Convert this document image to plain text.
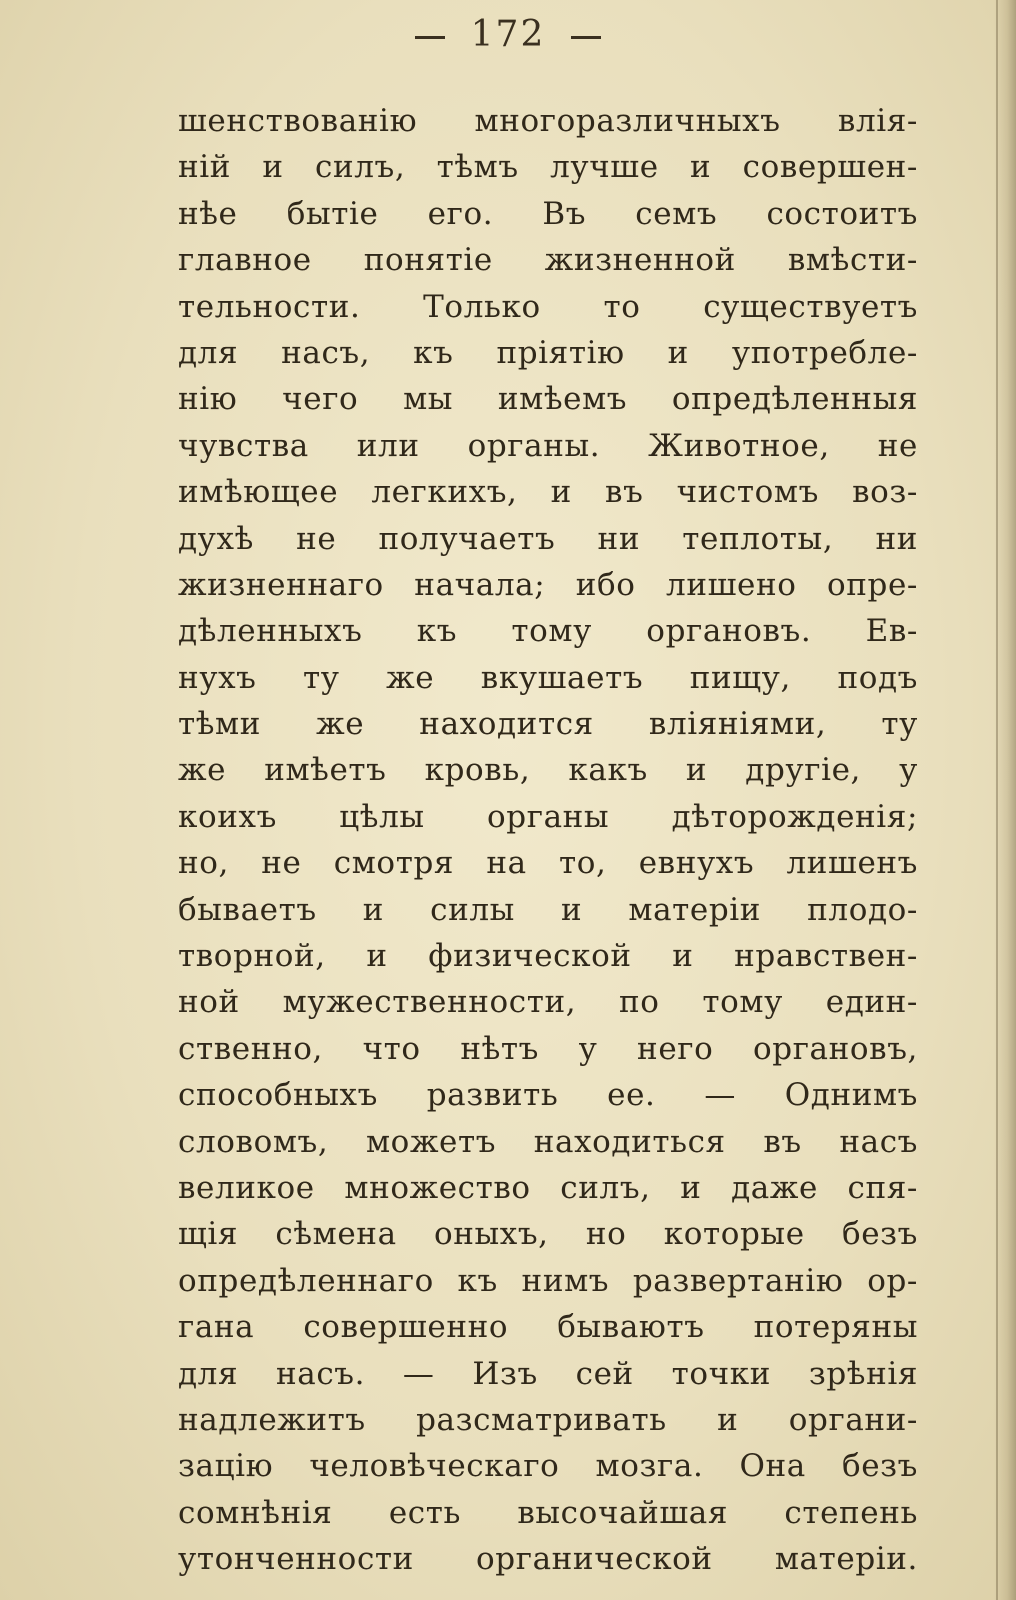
172
шенствованію многоразличныхъ влія-
ній и силъ, тѣмъ лучше и совершен-
нѣе бытіе его. Въ семъ состоитъ
главное понятіе жизненной вмѣсти-
тельности. Только то существуетъ
для насъ, къ прiятію и употребле-
нію чего мы имѣемъ опредѣленныя
чувства или органы. Животное, не
имѣющее легкихъ, и въ чистомъ воз-
духѣ не получаетъ ни теплоты, ни
жизненнаго начала; ибо лишено опре-
дѣленныхъ къ тому органовъ. Ев-
нухъ ту же вкушаетъ пищу, подъ
тѣми же находится вліяніями, ту
же имѣетъ кровь, какъ и другіе, у
коихъ цѣлы органы дѣторожденія;
но, не смотря на то, евнухъ лишенъ
бываетъ и силы и матеріи плодо-
творной, и физической и нравствен-
ной мужественности, по тому един-
ственно, что нѣтъ у него органовъ,
способныхъ развить ее. — Однимъ
словомъ, можетъ находиться въ насъ
великое множество силъ, и даже спя-
щія сѣмена оныхъ, но которые безъ
опредѣленнаго къ нимъ развертанію ор-
гана совершенно бываютъ потеряны
для насъ. — Изъ сей точки зрѣнія
надлежитъ разсматривать и органи-
зацію человѣческаго мозга. Она безъ
сомнѣнія есть высочайшая степень
утонченности органической матеріи.
